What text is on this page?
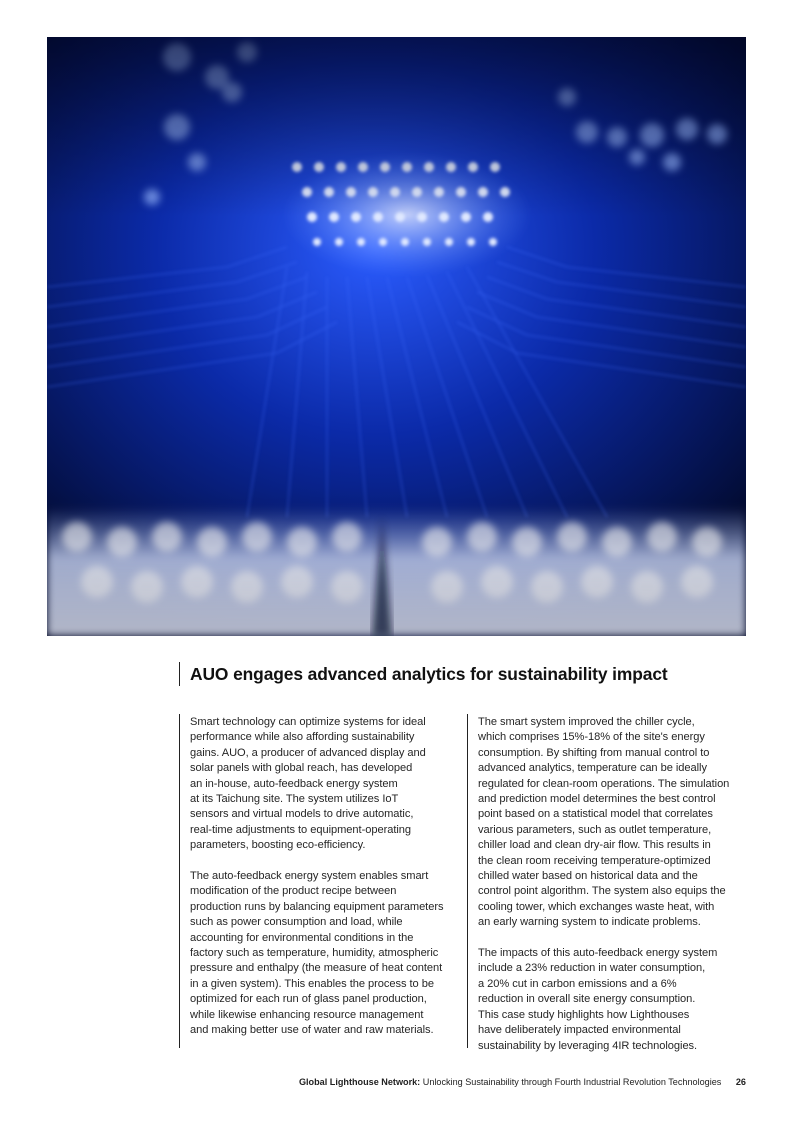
AUO engages advanced analytics for sustainability impact

Smart technology can optimize systems for ideal
performance while also affording sustainability
gains. AUO, a producer of advanced display and
solar panels with global reach, has developed
an in-house, auto-feedback energy system
at its Taichung site. The system utilizes IoT
sensors and virtual models to drive automatic,
real-time adjustments to equipment-operating
parameters, boosting eco-efficiency.

The auto-feedback energy system enables smart
modification of the product recipe between
production runs by balancing equipment parameters
such as power consumption and load, while
accounting for environmental conditions in the
factory such as temperature, humidity, atmospheric
pressure and enthalpy (the measure of heat content
in a given system). This enables the process to be
optimized for each run of glass panel production,
while likewise enhancing resource management
and making better use of water and raw materials.

The smart system improved the chiller cycle,
which comprises 15%-18% of the site's energy
consumption. By shifting from manual control to
advanced analytics, temperature can be ideally
regulated for clean-room operations. The simulation
and prediction model determines the best control
point based on a statistical model that correlates
various parameters, such as outlet temperature,
chiller load and clean dry-air flow. This results in
the clean room receiving temperature-optimized
chilled water based on historical data and the
control point algorithm. The system also equips the
cooling tower, which exchanges waste heat, with
an early warning system to indicate problems.

The impacts of this auto-feedback energy system
include a 23% reduction in water consumption,
a 20% cut in carbon emissions and a 6%
reduction in overall site energy consumption.
This case study highlights how Lighthouses
have deliberately impacted environmental
sustainability by leveraging 4IR technologies.

Global Lighthouse Network: Unlocking Sustainability through Fourth Industrial Revolution Technologies 26
